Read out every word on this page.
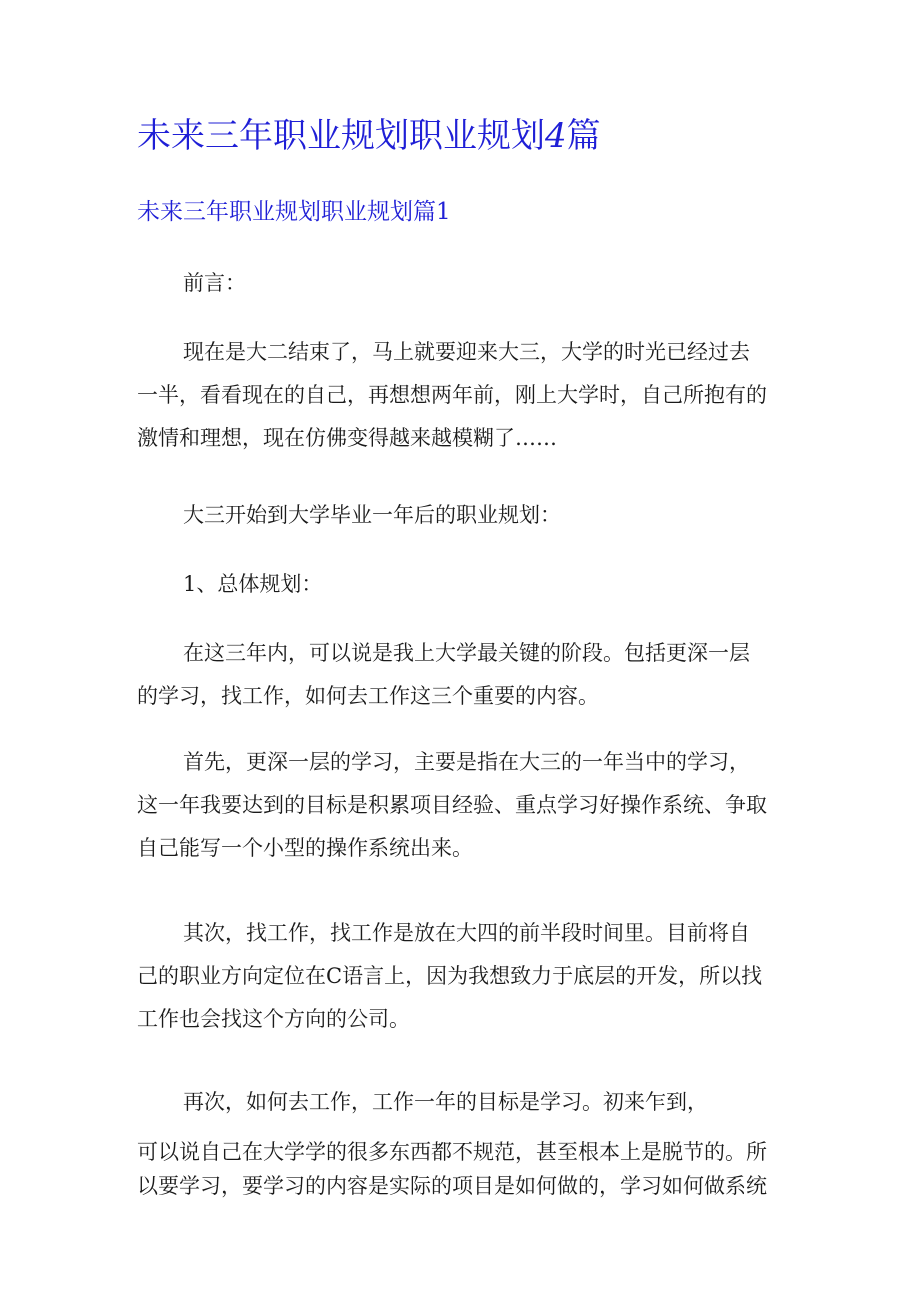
未来三年职业规划职业规划4篇
未来三年职业规划职业规划篇1
前言：
现在是大二结束了，马上就要迎来大三，大学的时光已经过去
一半，看看现在的自己，再想想两年前，刚上大学时，自己所抱有的
激情和理想，现在仿佛变得越来越模糊了……
大三开始到大学毕业一年后的职业规划：
1、总体规划：
在这三年内，可以说是我上大学最关键的阶段。包括更深一层
的学习，找工作，如何去工作这三个重要的内容。
首先，更深一层的学习，主要是指在大三的一年当中的学习，
这一年我要达到的目标是积累项目经验、重点学习好操作系统、争取
自己能写一个小型的操作系统出来。
其次，找工作，找工作是放在大四的前半段时间里。目前将自
己的职业方向定位在C语言上，因为我想致力于底层的开发，所以找
工作也会找这个方向的公司。
再次，如何去工作，工作一年的目标是学习。初来乍到，
可以说自己在大学学的很多东西都不规范，甚至根本上是脱节的。所
以要学习，要学习的内容是实际的项目是如何做的，学习如何做系统
